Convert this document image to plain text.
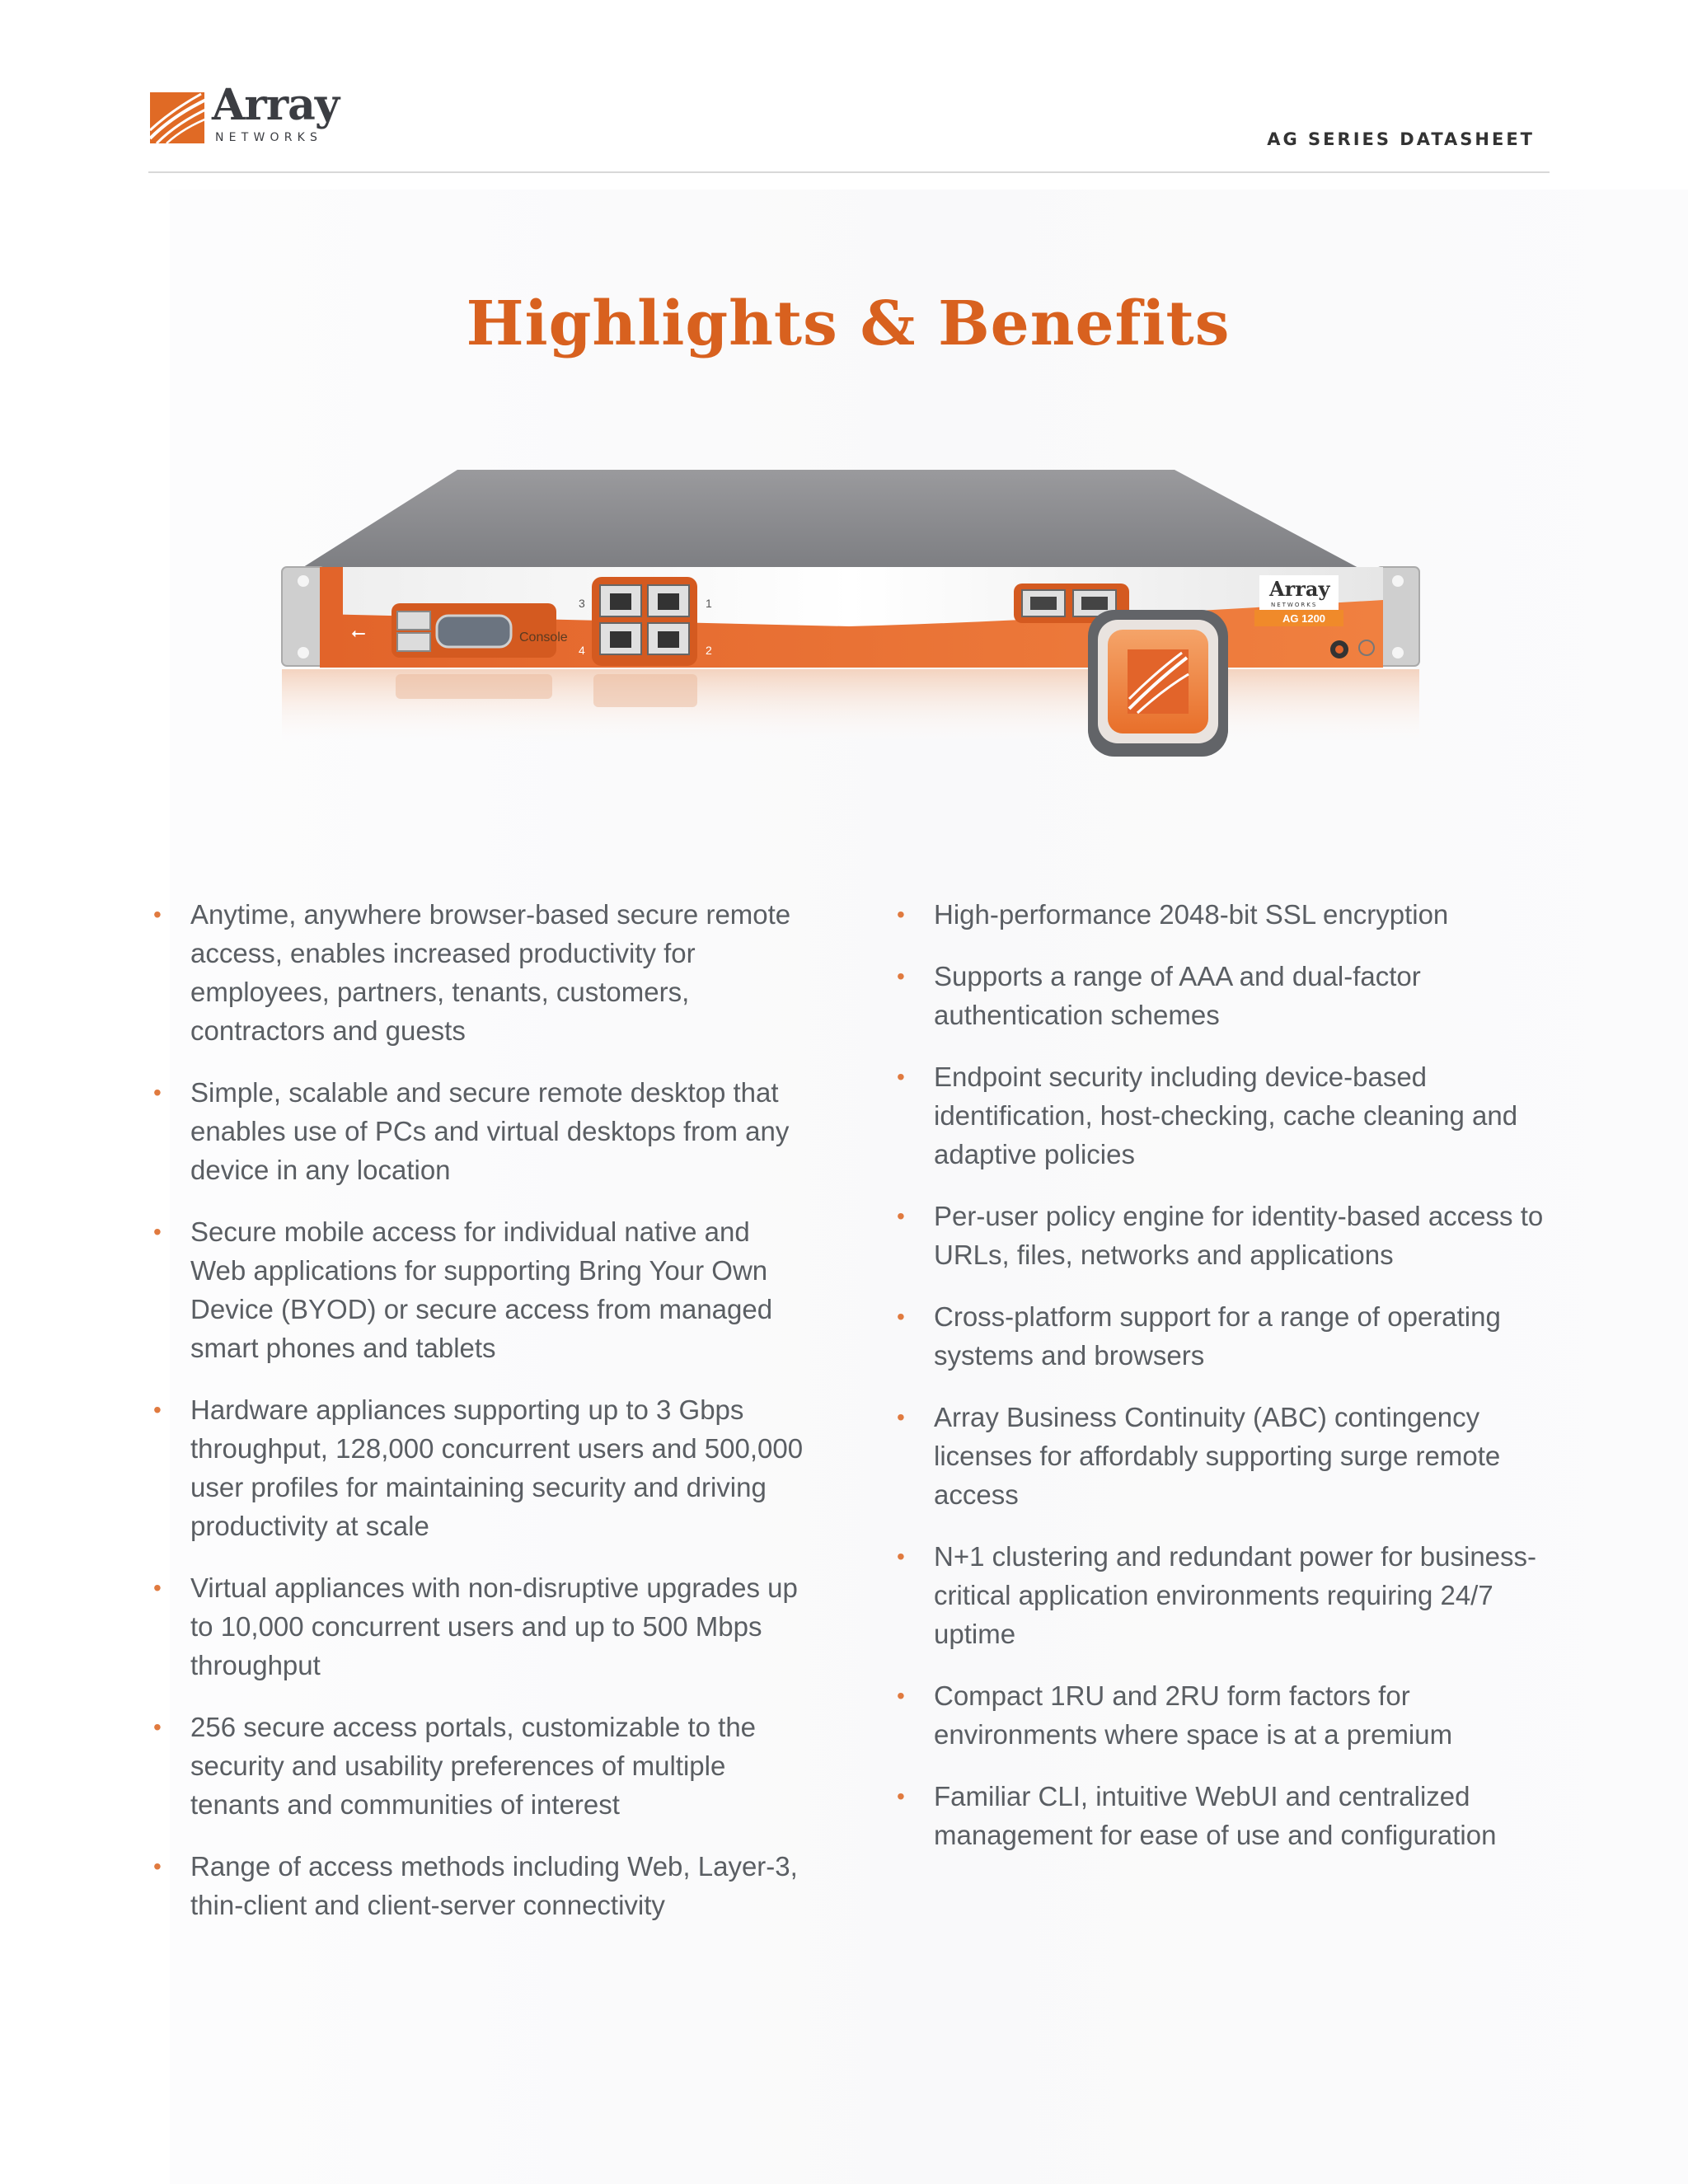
Array
NETWORKS	AG SERIES DATASHEET
Highlights & Benefits
Console
⭠
3	1
4	2
Array
NETWORKS
AG 1200
• Anytime, anywhere browser-based secure remote access, enables increased productivity for employees, partners, tenants, customers, contractors and guests
• Simple, scalable and secure remote desktop that enables use of PCs and virtual desktops from any device in any location
• Secure mobile access for individual native and Web applications for supporting Bring Your Own Device (BYOD) or secure access from managed smart phones and tablets
• Hardware appliances supporting up to 3 Gbps throughput, 128,000 concurrent users and 500,000 user profiles for maintaining security and driving productivity at scale
• Virtual appliances with non-disruptive upgrades up to 10,000 concurrent users and up to 500 Mbps throughput
• 256 secure access portals, customizable to the security and usability preferences of multiple tenants and communities of interest
• Range of access methods including Web, Layer-3, thin-client and client-server connectivity
• High-performance 2048-bit SSL encryption
• Supports a range of AAA and dual-factor authentication schemes
• Endpoint security including device-based identification, host-checking, cache cleaning and adaptive policies
• Per-user policy engine for identity-based access to URLs, files, networks and applications
• Cross-platform support for a range of operating systems and browsers
• Array Business Continuity (ABC) contingency licenses for affordably supporting surge remote access
• N+1 clustering and redundant power for business-critical application environments requiring 24/7 uptime
• Compact 1RU and 2RU form factors for environments where space is at a premium
• Familiar CLI, intuitive WebUI and centralized management for ease of use and configuration
